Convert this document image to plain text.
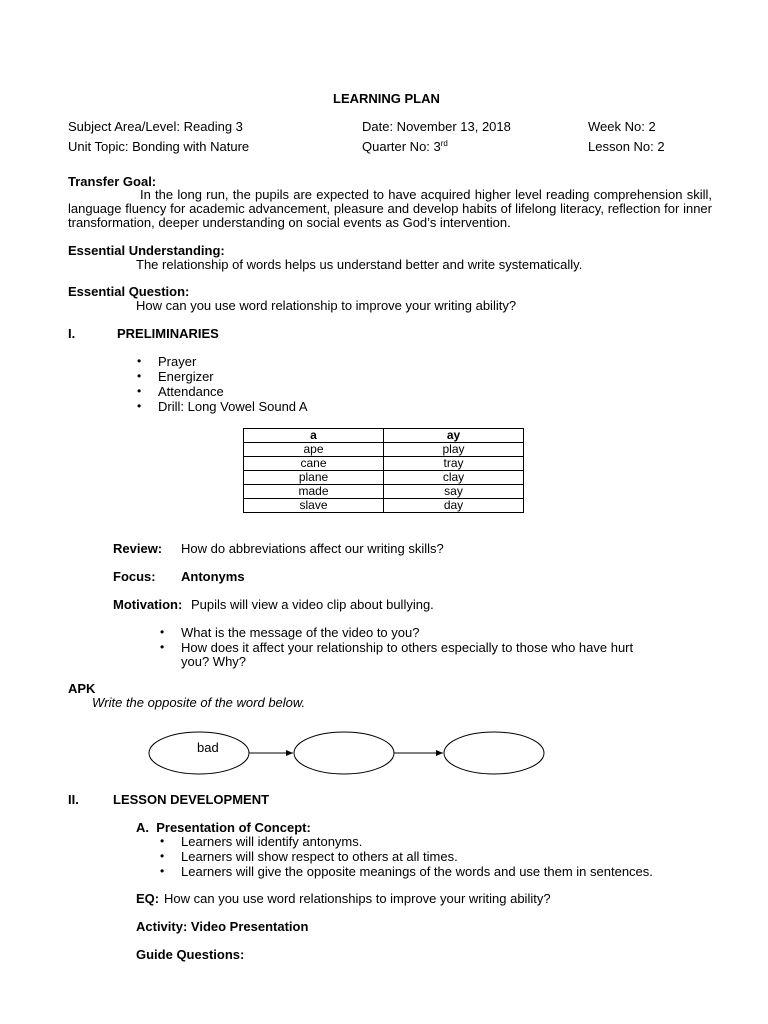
LEARNING PLAN
Subject Area/Level: Reading 3	Date: November 13, 2018	Week No: 2
Unit Topic: Bonding with Nature	Quarter No: 3rd	Lesson No: 2
Transfer Goal:
In the long run, the pupils are expected to have acquired higher level reading comprehension skill, language fluency for academic advancement, pleasure and develop habits of lifelong literacy, reflection for inner transformation, deeper understanding on social events as God’s intervention.
Essential Understanding:
The relationship of words helps us understand better and write systematically.
Essential Question:
How can you use word relationship to improve your writing ability?
I.	PRELIMINARIES
• Prayer
• Energizer
• Attendance
• Drill: Long Vowel Sound A
a	ay
ape	play
cane	tray
plane	clay
made	say
slave	day
Review: How do abbreviations affect our writing skills?
Focus: Antonyms
Motivation: Pupils will view a video clip about bullying.
• What is the message of the video to you?
• How does it affect your relationship to others especially to those who have hurt
you? Why?
APK
Write the opposite of the word below.
bad
II.	LESSON DEVELOPMENT
A.  Presentation of Concept:
• Learners will identify antonyms.
• Learners will show respect to others at all times.
• Learners will give the opposite meanings of the words and use them in sentences.
EQ: How can you use word relationships to improve your writing ability?
Activity: Video Presentation
Guide Questions:
